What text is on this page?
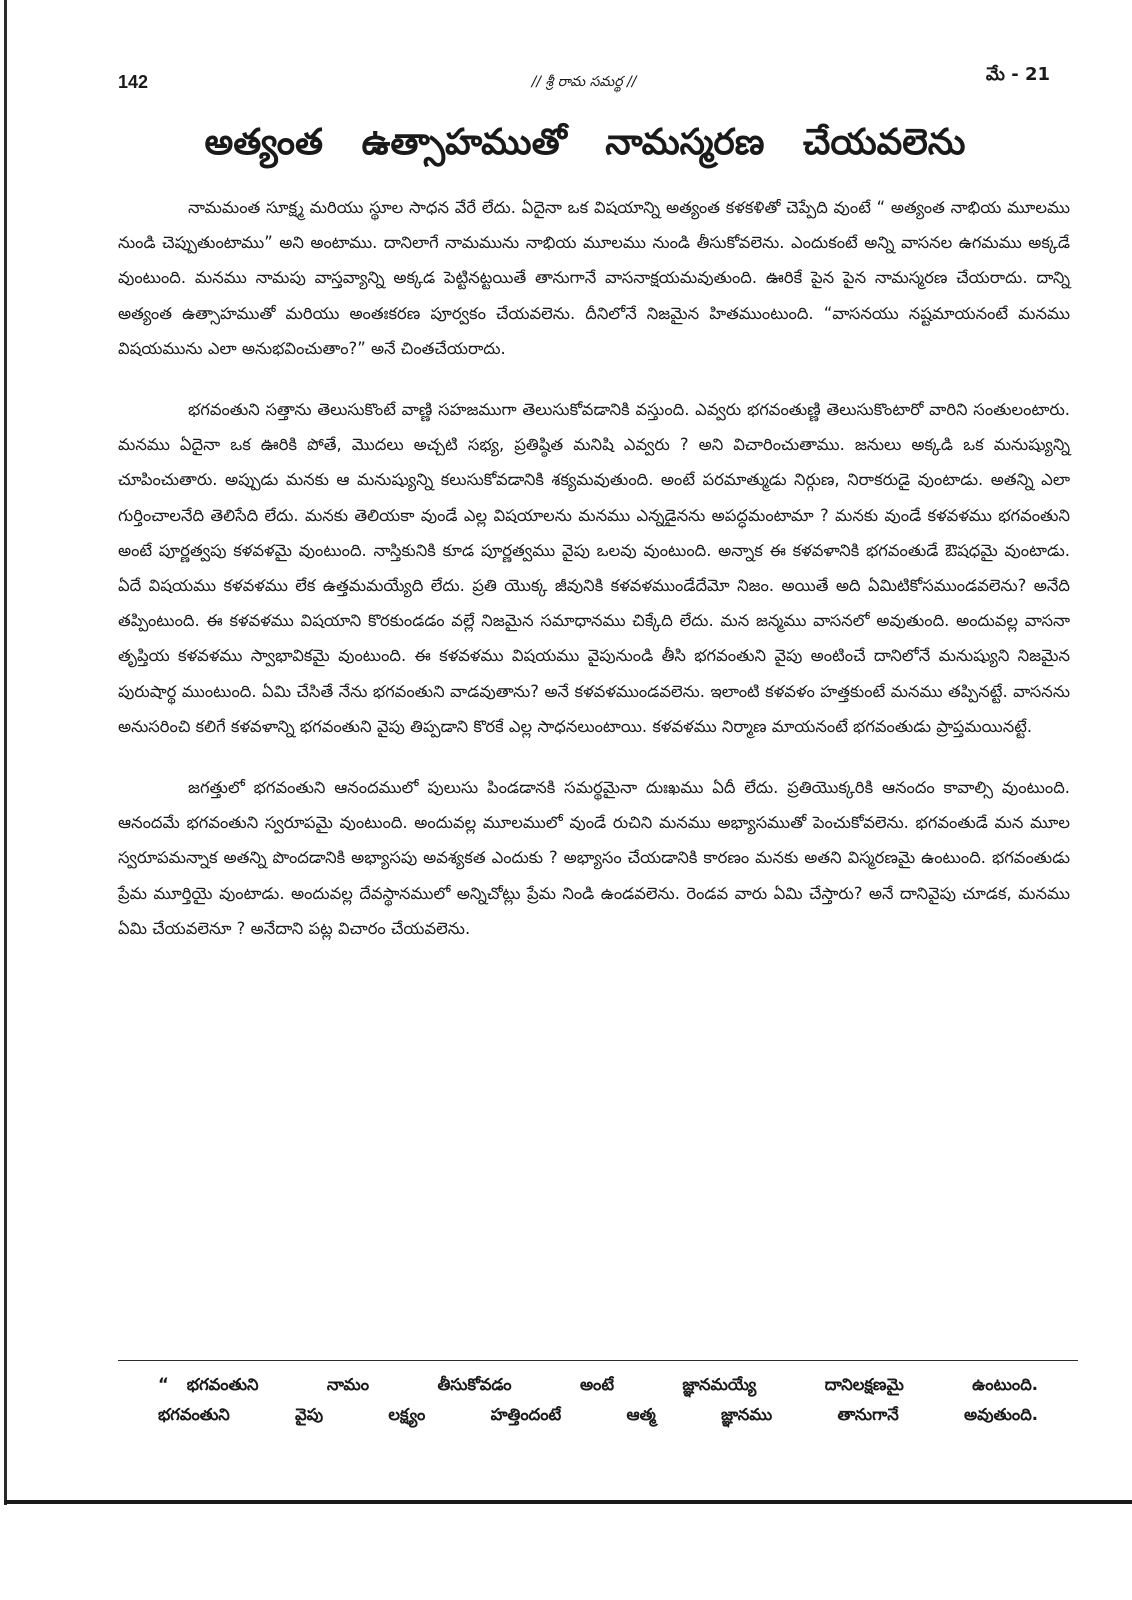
142	// శ్రీ రామ సమర్థ //	మే - 21
అత్యంత ఉత్సాహముతో నామస్మరణ చేయవలెను

నామమంత సూక్ష్మ మరియు స్థూల సాధన వేరే లేదు. ఏదైనా ఒక విషయాన్ని అత్యంత కళకళితో చెప్పేది వుంటే “ అత్యంత నాభియ మూలము నుండి చెప్పుతుంటాము” అని అంటాము. దానిలాగే నామమును నాభియ మూలము నుండి తీసుకోవలెను. ఎందుకంటే అన్ని వాసనల ఉగమము అక్కడే వుంటుంది. మనము నామపు వాస్తవ్యాన్ని అక్కడ పెట్టినట్టయితే తానుగానే వాసనాక్షయమవుతుంది. ఊరికే పైన పైన నామస్మరణ చేయరాదు. దాన్ని అత్యంత ఉత్సాహముతో మరియు అంతఃకరణ పూర్వకం చేయవలెను. దీనిలోనే నిజమైన హితముంటుంది. “వాసనయు నష్టమాయనంటే మనము విషయమును ఎలా అనుభవించుతాం?” అనే చింతచేయరాదు.

భగవంతుని సత్తాను తెలుసుకొంటే వాణ్ణి సహజముగా తెలుసుకోవడానికి వస్తుంది. ఎవ్వరు భగవంతుణ్ణి తెలుసుకొంటారో వారిని సంతులంటారు. మనము ఏదైనా ఒక ఊరికి పోతే, మొదలు అచ్చటి సభ్య, ప్రతిష్ఠిత మనిషి ఎవ్వరు ? అని విచారించుతాము. జనులు అక్కడి ఒక మనుష్యున్ని చూపించుతారు. అప్పుడు మనకు ఆ మనుష్యున్ని కలుసుకోవడానికి శక్యమవుతుంది. అంటే పరమాత్ముడు నిర్గుణ, నిరాకరుడై వుంటాడు. అతన్ని ఎలా గుర్తించాలనేది తెలిసేది లేదు. మనకు తెలియకా వుండే ఎల్ల విషయాలను మనము ఎన్నడైనను అపద్ధమంటామా ? మనకు వుండే కళవళము భగవంతుని అంటే పూర్ణత్వపు కళవళమై వుంటుంది. నాస్తికునికి కూడ పూర్ణత్వము వైపు ఒలవు వుంటుంది. అన్నాక ఈ కళవళానికి భగవంతుడే ఔషధమై వుంటాడు. ఏదే విషయము కళవళము లేక ఉత్తమమయ్యేది లేదు. ప్రతి యొక్క జీవునికి కళవళముండేదేమో నిజం. అయితే అది ఏమిటికోసముండవలెను? అనేది తప్పింటుంది. ఈ కళవళము విషయాని కొరకుండడం వల్లే నిజమైన సమాధానము చిక్కేది లేదు. మన జన్మము వాసనలో అవుతుంది. అందువల్ల వాసనా తృప్తియ కళవళము స్వాభావికమై వుంటుంది. ఈ కళవళము విషయము వైపునుండి తీసి భగవంతుని వైపు అంటించే దానిలోనే మనుష్యుని నిజమైన పురుషార్థ ముంటుంది. ఏమి చేసితే నేను భగవంతుని వాడవుతాను? అనే కళవళముండవలెను. ఇలాంటి కళవళం హత్తకుంటే మనము తప్పినట్టే. వాసనను అనుసరించి కలిగే కళవళాన్ని భగవంతుని వైపు తిప్పడాని కొరకే ఎల్ల సాధనలుంటాయి. కళవళము నిర్మాణ మాయనంటే భగవంతుడు ప్రాప్తమయినట్టే.

జగత్తులో భగవంతుని ఆనందములో పులుసు పిండడానకి సమర్థమైనా దుఃఖము ఏదీ లేదు. ప్రతియొక్కరికి ఆనందం కావాల్సి వుంటుంది. ఆనందమే భగవంతుని స్వరూపమై వుంటుంది. అందువల్ల మూలములో వుండే రుచిని మనము అభ్యాసముతో పెంచుకోవలెను. భగవంతుడే మన మూల స్వరూపమన్నాక అతన్ని పొందడానికి అభ్యాసపు అవశ్యకత ఎందుకు ? అభ్యాసం చేయడానికి కారణం మనకు అతని విస్మరణమై ఉంటుంది. భగవంతుడు ప్రేమ మూర్తియై వుంటాడు. అందువల్ల దేవస్థానములో అన్నిచోట్లు ప్రేమ నిండి ఉండవలెను. రెండవ వారు ఏమి చేస్తారు? అనే దానివైపు చూడక, మనము ఏమి చేయవలెనూ ? అనేదాని పట్ల విచారం చేయవలెను.

“ భగవంతుని నామం తీసుకోవడం అంటే జ్ఞానమయ్యే దానిలక్షణమై ఉంటుంది.
భగవంతుని వైపు లక్ష్యం హత్తిందంటే ఆత్మ జ్ఞానము తానుగానే అవుతుంది.
